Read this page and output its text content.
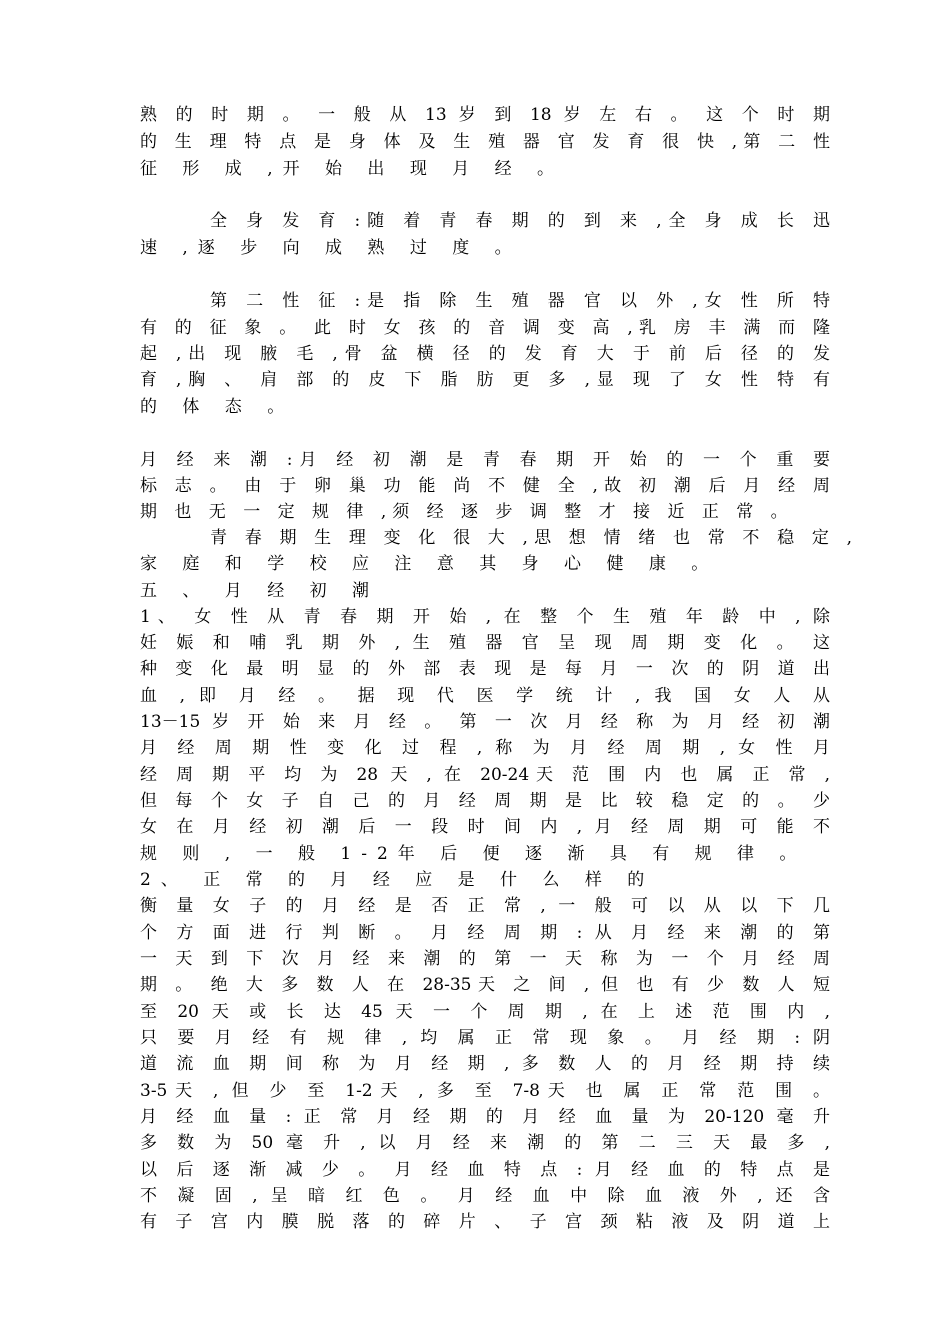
熟 的 时 期 。 一 般 从 13 岁 到 18 岁 左 右 。 这 个 时 期
的 生 理 特 点 是 身 体 及 生 殖 器 官 发 育 很 快 ,第 二 性
征 形 成 ,开 始 出 现 月 经 。
全 身 发 育 :随 着 青 春 期 的 到 来 ,全 身 成 长 迅
速 ,逐 步 向 成 熟 过 度 。
第 二 性 征 :是 指 除 生 殖 器 官 以 外 ,女 性 所 特
有 的 征 象 。 此 时 女 孩 的 音 调 变 高 ,乳 房 丰 满 而 隆
起 ,出 现 腋 毛 ,骨 盆 横 径 的 发 育 大 于 前 后 径 的 发
育 ,胸 、 肩 部 的 皮 下 脂 肪 更 多 ,显 现 了 女 性 特 有
的 体 态 。
月 经 来 潮 :月 经 初 潮 是 青 春 期 开 始 的 一 个 重 要
标 志 。 由 于 卵 巢 功 能 尚 不 健 全 ,故 初 潮 后 月 经 周
期 也 无 一 定 规 律 ,须 经 逐 步 调 整 才 接 近 正 常 。
青 春 期 生 理 变 化 很 大 ,思 想 情 绪 也 常 不 稳 定 ,
家 庭 和 学 校 应 注 意 其 身 心 健 康 。
五 、 月 经 初 潮
1、 女 性 从 青 春 期 开 始 , 在 整 个 生 殖 年 龄 中 , 除
妊 娠 和 哺 乳 期 外 , 生 殖 器 官 呈 现 周 期 变 化 。 这
种 变 化 最 明 显 的 外 部 表 现 是 每 月 一 次 的 阴 道 出
血 , 即 月 经 。 据 现 代 医 学 统 计 , 我 国 女 人 从
13－15 岁 开 始 来 月 经 。 第 一 次 月 经 称 为 月 经 初 潮
月 经 周 期 性 变 化 过 程 , 称 为 月 经 周 期 , 女 性 月
经 周 期 平 均 为 28 天 , 在 20-24天 范 围 内 也 属 正 常 ,
但 每 个 女 子 自 己 的 月 经 周 期 是 比 较 稳 定 的 。 少
女 在 月 经 初 潮 后 一 段 时 间 内 , 月 经 周 期 可 能 不
规 则 , 一 般 1-2年 后 便 逐 渐 具 有 规 律 。
2、 正 常 的 月 经 应 是 什 么 样 的
衡 量 女 子 的 月 经 是 否 正 常 , 一 般 可 以 从 以 下 几
个 方 面 进 行 判 断 。 月 经 周 期 : 从 月 经 来 潮 的 第
一 天 到 下 次 月 经 来 潮 的 第 一 天 称 为 一 个 月 经 周
期 。 绝 大 多 数 人 在 28-35天 之 间 , 但 也 有 少 数 人 短
至 20 天 或 长 达 45 天 一 个 周 期 , 在 上 述 范 围 内 ,
只 要 月 经 有 规 律 , 均 属 正 常 现 象 。 月 经 期 : 阴
道 流 血 期 间 称 为 月 经 期 , 多 数 人 的 月 经 期 持 续
3-5天 , 但 少 至 1-2天 , 多 至 7-8天 也 属 正 常 范 围 。
月 经 血 量 : 正 常 月 经 期 的 月 经 血 量 为 20-120 毫 升
多 数 为 50 毫 升 , 以 月 经 来 潮 的 第 二 三 天 最 多 ,
以 后 逐 渐 减 少 。 月 经 血 特 点 : 月 经 血 的 特 点 是
不 凝 固 , 呈 暗 红 色 。 月 经 血 中 除 血 液 外 , 还 含
有 子 宫 内 膜 脱 落 的 碎 片 、 子 宫 颈 粘 液 及 阴 道 上
